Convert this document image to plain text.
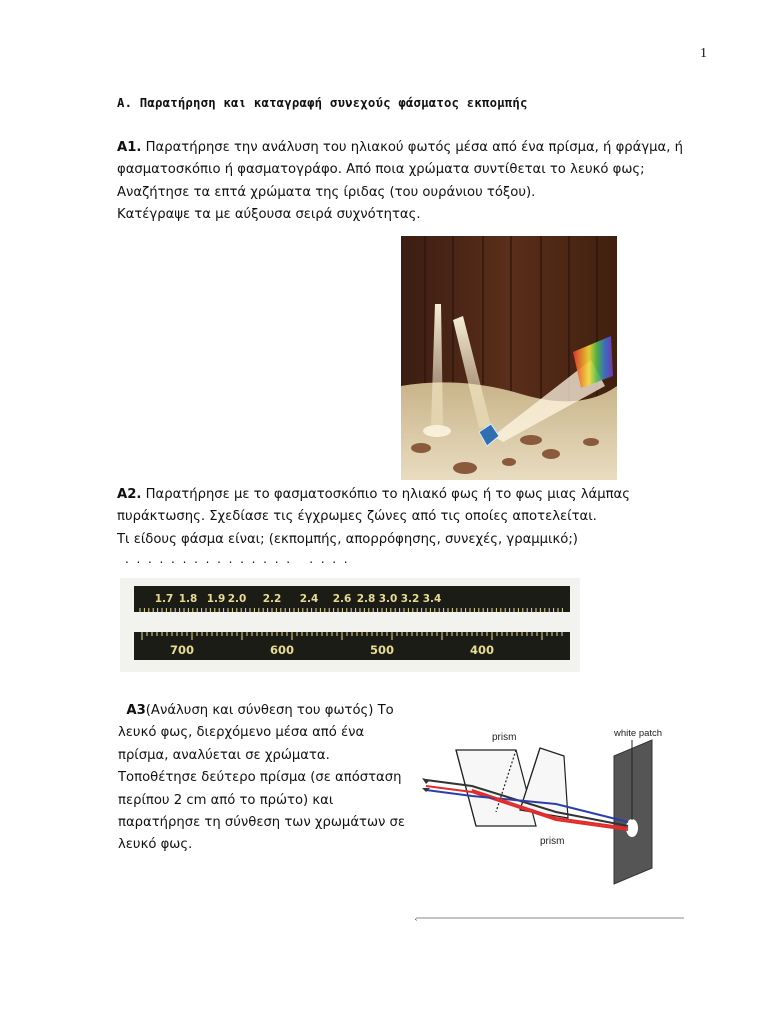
1
Α. Παρατήρηση και καταγραφή συνεχούς φάσματος εκπομπής
Α1. Παρατήρησε την ανάλυση του ηλιακού φωτός μέσα από ένα πρίσμα, ή φράγμα, ή
φασματοσκόπιο ή φασματογράφο. Από ποια χρώματα συντίθεται το λευκό φως;
Αναζήτησε τα επτά χρώματα της ίριδας (του ουράνιου τόξου).
Κατέγραψε τα με αύξουσα σειρά συχνότητας.
Α2. Παρατήρησε με το φασματοσκόπιο το ηλιακό φως ή το φως μιας λάμπας
πυράκτωσης. Σχεδίασε τις έγχρωμες ζώνες από τις οποίες αποτελείται.
Τι είδους φάσμα είναι; (εκπομπής, απορρόφησης, συνεχές, γραμμικό;)
............... ....
1.7 1.8 1.9 2.0 2.2 2.4 2.6 2.8 3.0 3.2 3.4
700	600	500	400
Α3(Ανάλυση και σύνθεση του φωτός) Το λευκό φως, διερχόμενο μέσα από ένα πρίσμα, αναλύεται σε χρώματα. Τοποθέτησε δεύτερο πρίσμα (σε απόσταση περίπου 2 cm από το πρώτο) και παρατήρησε τη σύνθεση των χρωμάτων σε λευκό φως.
prism
prism
white patch
`
